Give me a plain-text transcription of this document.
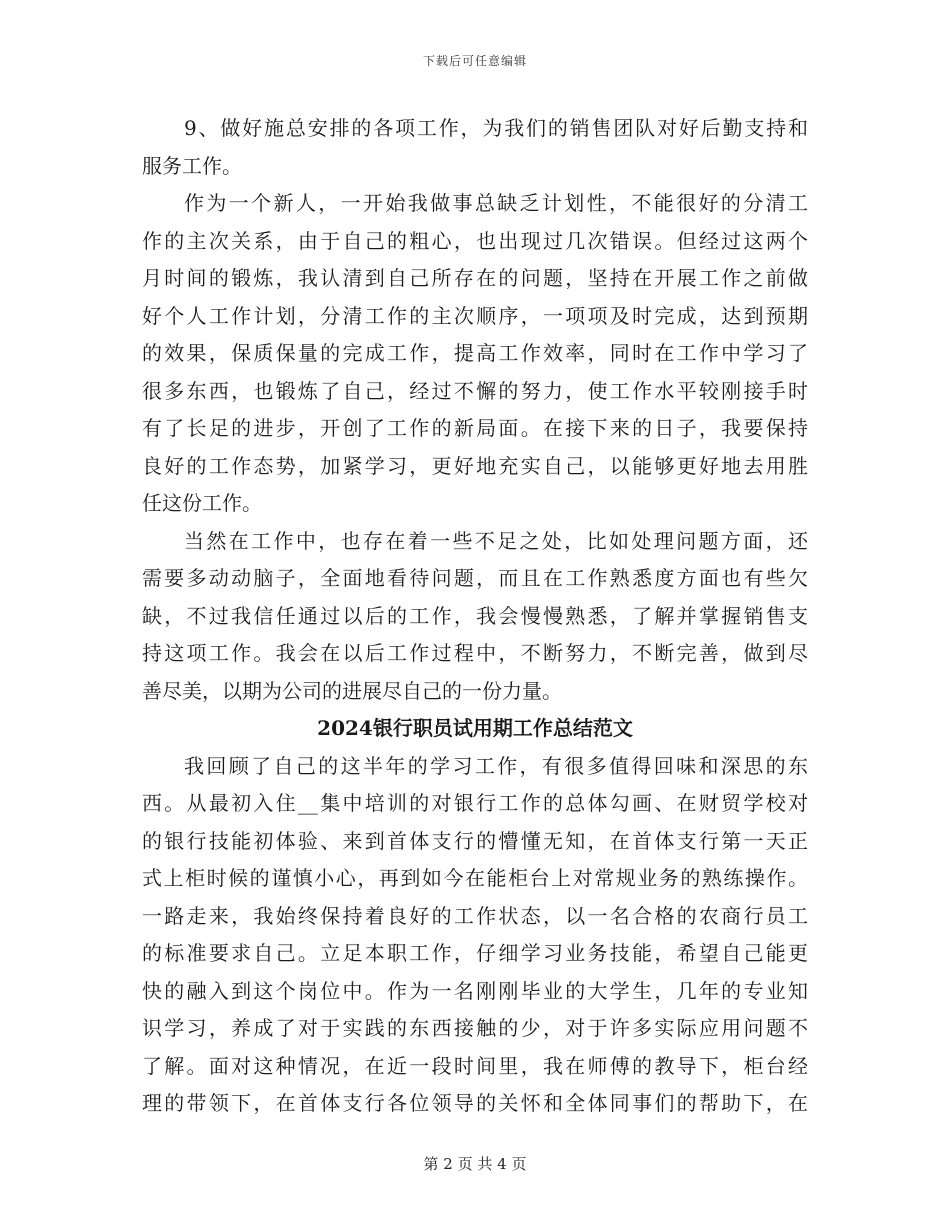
下载后可任意编辑
9、做好施总安排的各项工作，为我们的销售团队对好后勤支持和
服务工作。
作为一个新人，一开始我做事总缺乏计划性，不能很好的分清工
作的主次关系，由于自己的粗心，也出现过几次错误。但经过这两个
月时间的锻炼，我认清到自己所存在的问题，坚持在开展工作之前做
好个人工作计划，分清工作的主次顺序，一项项及时完成，达到预期
的效果，保质保量的完成工作，提高工作效率，同时在工作中学习了
很多东西，也锻炼了自己，经过不懈的努力，使工作水平较刚接手时
有了长足的进步，开创了工作的新局面。在接下来的日子，我要保持
良好的工作态势，加紧学习，更好地充实自己，以能够更好地去用胜
任这份工作。
当然在工作中，也存在着一些不足之处，比如处理问题方面，还
需要多动动脑子，全面地看待问题，而且在工作熟悉度方面也有些欠
缺，不过我信任通过以后的工作，我会慢慢熟悉，了解并掌握销售支
持这项工作。我会在以后工作过程中，不断努力，不断完善，做到尽
善尽美，以期为公司的进展尽自己的一份力量。
2024银行职员试用期工作总结范文
我回顾了自己的这半年的学习工作，有很多值得回味和深思的东
西。从最初入住__集中培训的对银行工作的总体勾画、在财贸学校对
的银行技能初体验、来到首体支行的懵懂无知，在首体支行第一天正
式上柜时候的谨慎小心，再到如今在能柜台上对常规业务的熟练操作。
一路走来，我始终保持着良好的工作状态，以一名合格的农商行员工
的标准要求自己。立足本职工作，仔细学习业务技能，希望自己能更
快的融入到这个岗位中。作为一名刚刚毕业的大学生，几年的专业知
识学习，养成了对于实践的东西接触的少，对于许多实际应用问题不
了解。面对这种情况，在近一段时间里，我在师傅的教导下，柜台经
理的带领下，在首体支行各位领导的关怀和全体同事们的帮助下，在
第 2 页 共 4 页
